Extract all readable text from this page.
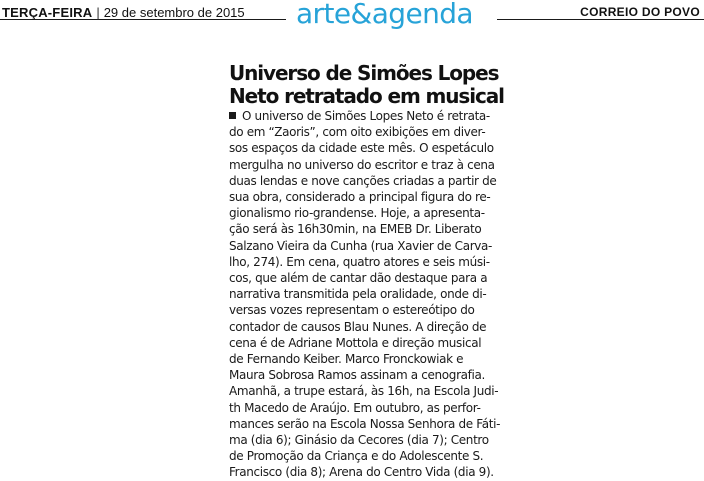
TERÇA-FEIRA | 29 de setembro de 2015 arte&agenda	CORREIO DO POVO
Universo de Simões Lopes
Neto retratado em musical
O universo de Simões Lopes Neto é retrata-
do em “Zaoris”, com oito exibições em diver-
sos espaços da cidade este mês. O espetáculo
mergulha no universo do escritor e traz à cena
duas lendas e nove canções criadas a partir de
sua obra, considerado a principal figura do re-
gionalismo rio-grandense. Hoje, a apresenta-
ção será às 16h30min, na EMEB Dr. Liberato
Salzano Vieira da Cunha (rua Xavier de Carva-
lho, 274). Em cena, quatro atores e seis músi-
cos, que além de cantar dão destaque para a
narrativa transmitida pela oralidade, onde di-
versas vozes representam o estereótipo do
contador de causos Blau Nunes. A direção de
cena é de Adriane Mottola e direção musical
de Fernando Keiber. Marco Fronckowiak e
Maura Sobrosa Ramos assinam a cenografia.
Amanhã, a trupe estará, às 16h, na Escola Judi-
th Macedo de Araújo. Em outubro, as perfor-
mances serão na Escola Nossa Senhora de Fáti-
ma (dia 6); Ginásio da Cecores (dia 7); Centro
de Promoção da Criança e do Adolescente S.
Francisco (dia 8); Arena do Centro Vida (dia 9).
